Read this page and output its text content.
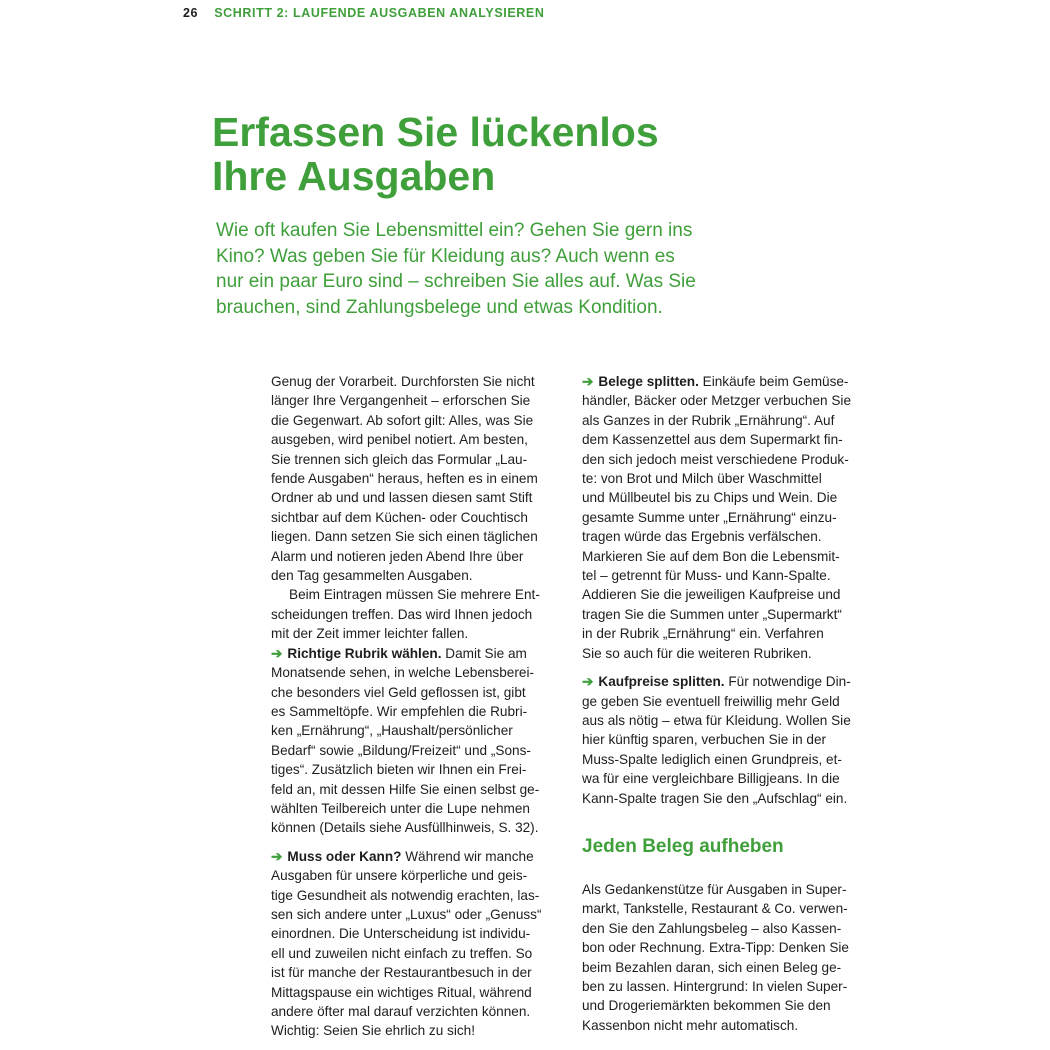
26 SCHRITT 2: LAUFENDE AUSGABEN ANALYSIEREN
Erfassen Sie lückenlos
Ihre Ausgaben
Wie oft kaufen Sie Lebensmittel ein? Gehen Sie gern ins
Kino? Was geben Sie für Kleidung aus? Auch wenn es
nur ein paar Euro sind – schreiben Sie alles auf. Was Sie
brauchen, sind Zahlungsbelege und etwas Kondition.

Genug der Vorarbeit. Durchforsten Sie nicht
länger Ihre Vergangenheit – erforschen Sie
die Gegenwart. Ab sofort gilt: Alles, was Sie
ausgeben, wird penibel notiert. Am besten,
Sie trennen sich gleich das Formular „Lau-
fende Ausgaben“ heraus, heften es in einem
Ordner ab und und lassen diesen samt Stift
sichtbar auf dem Küchen- oder Couchtisch
liegen. Dann setzen Sie sich einen täglichen
Alarm und notieren jeden Abend Ihre über
den Tag gesammelten Ausgaben.

Beim Eintragen müssen Sie mehrere Ent-
scheidungen treffen. Das wird Ihnen jedoch
mit der Zeit immer leichter fallen.

➔ Richtige Rubrik wählen. Damit Sie am
Monatsende sehen, in welche Lebensberei-
che besonders viel Geld geflossen ist, gibt
es Sammeltöpfe. Wir empfehlen die Rubri-
ken „Ernährung“, „Haushalt/persönlicher
Bedarf“ sowie „Bildung/Freizeit“ und „Sons-
tiges“. Zusätzlich bieten wir Ihnen ein Frei-
feld an, mit dessen Hilfe Sie einen selbst ge-
wählten Teilbereich unter die Lupe nehmen
können (Details siehe Ausfüllhinweis, S. 32).

➔ Muss oder Kann? Während wir manche
Ausgaben für unsere körperliche und geis-
tige Gesundheit als notwendig erachten, las-
sen sich andere unter „Luxus“ oder „Genuss“
einordnen. Die Unterscheidung ist individu-
ell und zuweilen nicht einfach zu treffen. So
ist für manche der Restaurantbesuch in der
Mittagspause ein wichtiges Ritual, während
andere öfter mal darauf verzichten können.
Wichtig: Seien Sie ehrlich zu sich!

➔ Belege splitten. Einkäufe beim Gemüse-
händler, Bäcker oder Metzger verbuchen Sie
als Ganzes in der Rubrik „Ernährung“. Auf
dem Kassenzettel aus dem Supermarkt fin-
den sich jedoch meist verschiedene Produk-
te: von Brot und Milch über Waschmittel
und Müllbeutel bis zu Chips und Wein. Die
gesamte Summe unter „Ernährung“ einzu-
tragen würde das Ergebnis verfälschen.
Markieren Sie auf dem Bon die Lebensmit-
tel – getrennt für Muss- und Kann-Spalte.
Addieren Sie die jeweiligen Kaufpreise und
tragen Sie die Summen unter „Supermarkt“
in der Rubrik „Ernährung“ ein. Verfahren
Sie so auch für die weiteren Rubriken.

➔ Kaufpreise splitten. Für notwendige Din-
ge geben Sie eventuell freiwillig mehr Geld
aus als nötig – etwa für Kleidung. Wollen Sie
hier künftig sparen, verbuchen Sie in der
Muss-Spalte lediglich einen Grundpreis, et-
wa für eine vergleichbare Billigjeans. In die
Kann-Spalte tragen Sie den „Aufschlag“ ein.

Jeden Beleg aufheben

Als Gedankenstütze für Ausgaben in Super-
markt, Tankstelle, Restaurant & Co. verwen-
den Sie den Zahlungsbeleg – also Kassen-
bon oder Rechnung. Extra-Tipp: Denken Sie
beim Bezahlen daran, sich einen Beleg ge-
ben zu lassen. Hintergrund: In vielen Super-
und Drogeriemärkten bekommen Sie den
Kassenbon nicht mehr automatisch.
